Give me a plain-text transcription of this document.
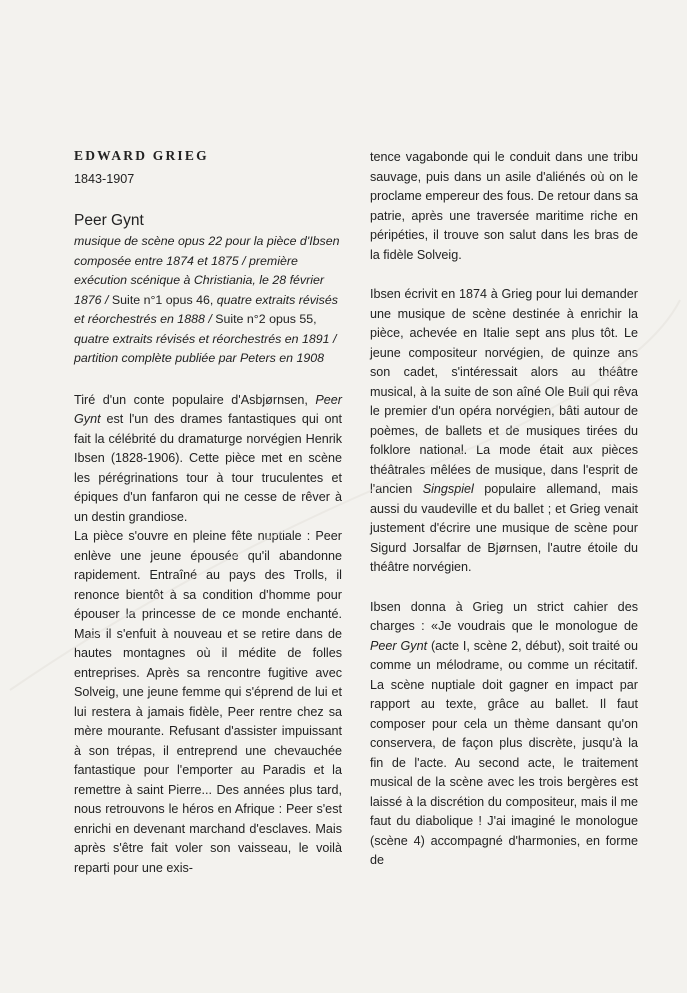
EDWARD GRIEG
1843-1907
Peer Gynt
musique de scène opus 22 pour la pièce d'Ibsen composée entre 1874 et 1875 / première exécution scénique à Christiania, le 28 février 1876 / Suite n°1 opus 46, quatre extraits révisés et réorchestrés en 1888 / Suite n°2 opus 55, quatre extraits révisés et réorchestrés en 1891 / partition complète publiée par Peters en 1908

Tiré d'un conte populaire d'Asbjørnsen, Peer Gynt est l'un des drames fantastiques qui ont fait la célébrité du dramaturge norvégien Henrik Ibsen (1828-1906). Cette pièce met en scène les pérégrinations tour à tour truculentes et épiques d'un fanfaron qui ne cesse de rêver à un destin grandiose.

La pièce s'ouvre en pleine fête nuptiale : Peer enlève une jeune épousée qu'il abandonne rapidement. Entraîné au pays des Trolls, il renonce bientôt à sa condition d'homme pour épouser la princesse de ce monde enchanté. Mais il s'enfuit à nouveau et se retire dans de hautes montagnes où il médite de folles entreprises. Après sa rencontre fugitive avec Solveig, une jeune femme qui s'éprend de lui et lui restera à jamais fidèle, Peer rentre chez sa mère mourante. Refusant d'assister impuissant à son trépas, il entreprend une chevauchée fantastique pour l'emporter au Paradis et la remettre à saint Pierre... Des années plus tard, nous retrouvons le héros en Afrique : Peer s'est enrichi en devenant marchand d'esclaves. Mais après s'être fait voler son vaisseau, le voilà reparti pour une exis-

tence vagabonde qui le conduit dans une tribu sauvage, puis dans un asile d'aliénés où on le proclame empereur des fous. De retour dans sa patrie, après une traversée maritime riche en péripéties, il trouve son salut dans les bras de la fidèle Solveig.

Ibsen écrivit en 1874 à Grieg pour lui demander une musique de scène destinée à enrichir la pièce, achevée en Italie sept ans plus tôt. Le jeune compositeur norvégien, de quinze ans son cadet, s'intéressait alors au théâtre musical, à la suite de son aîné Ole Bull qui rêva le premier d'un opéra norvégien, bâti autour de poèmes, de ballets et de musiques tirées du folklore national. La mode était aux pièces théâtrales mêlées de musique, dans l'esprit de l'ancien Singspiel populaire allemand, mais aussi du vaudeville et du ballet ; et Grieg venait justement d'écrire une musique de scène pour Sigurd Jorsalfar de Bjørnsen, l'autre étoile du théâtre norvégien.

Ibsen donna à Grieg un strict cahier des charges : «Je voudrais que le monologue de Peer Gynt (acte I, scène 2, début), soit traité ou comme un mélodrame, ou comme un récitatif. La scène nuptiale doit gagner en impact par rapport au texte, grâce au ballet. Il faut composer pour cela un thème dansant qu'on conservera, de façon plus discrète, jusqu'à la fin de l'acte. Au second acte, le traitement musical de la scène avec les trois bergères est laissé à la discrétion du compositeur, mais il me faut du diabolique ! J'ai imaginé le monologue (scène 4) accompagné d'harmonies, en forme de
